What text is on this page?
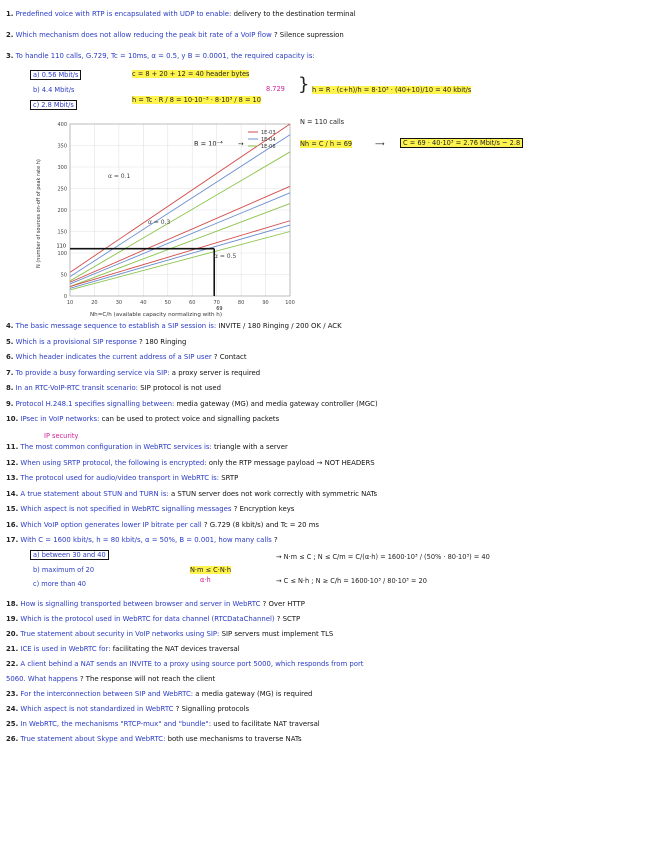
1. Predefined voice with RTP is encapsulated with UDP to enable: delivery to the destination terminal
2. Which mechanism does not allow reducing the peak bit rate of a VoIP flow ? Silence supression
3. To handle 110 calls, G.729, Tc = 10ms, α = 0.5, y B = 0.0001, the required capacity is:
a) 0.56 Mbit/s
b) 4.4 Mbit/s
c) 2.8 Mbit/s
c = 8 + 20 + 12 = 40 header bytes
h = Tc · R / 8 = 10·10⁻³ · 8·10³ / 8 = 10
8.729 } h = R · (c+h)/h = 8·10³ · (40+10)/10 = 40 kbit/s
N = 110 calls
B = 10⁻⁴ →	Nh = C / h = 69	⟶	C = 69 · 40·10³ = 2.76 Mbit/s ~ 2.8
10	20	30	40	50	60	70	80	90	100
0
50
100
150
200
250
300
350
400
110
69
1E-03
1E-04
1E-06
α = 0.1
α = 0.3
α = 0.5
Nh=C/h (available capacity normalizing with h)
N (number of sources on-off of peak rate h)
4. The basic message sequence to establish a SIP session is: INVITE / 180 Ringing / 200 OK / ACK
5. Which is a provisional SIP response ? 180 Ringing
6. Which header indicates the current address of a SIP user ? Contact
7. To provide a busy forwarding service via SIP: a proxy server is required
8. In an RTC-VoIP-RTC transit scenario: SIP protocol is not used
9. Protocol H.248.1 specifies signalling between: media gateway (MG) and media gateway controller (MGC)
10. IPsec in VoIP networks: can be used to protect voice and signalling packets
IP security
11. The most common configuration in WebRTC services is: triangle with a server
12. When using SRTP protocol, the following is encrypted: only the RTP message payload → NOT HEADERS
13. The protocol used for audio/video transport in WebRTC is: SRTP
14. A true statement about STUN and TURN is: a STUN server does not work correctly with symmetric NATs
15. Which aspect is not specified in WebRTC signalling messages ? Encryption keys
16. Which VoIP option generates lower IP bitrate per call ? G.729 (8 kbit/s) and Tc = 20 ms
17. With C = 1600 kbit/s, h = 80 kbit/s, α = 50%, B = 0.001, how many calls ?
a) between 30 and 40
b) maximum of 20
c) more than 40
N·m ≤ C·N·h
α·h
→ N·m ≤ C ; N ≤ C/m = C/(α·h) = 1600·10³ / (50% · 80·10³) = 40
→ C ≤ N·h ; N ≥ C/h = 1600·10³ / 80·10³ = 20
18. How is signalling transported between browser and server in WebRTC ? Over HTTP
19. Which is the protocol used in WebRTC for data channel (RTCDataChannel) ? SCTP
20. True statement about security in VoIP networks using SIP: SIP servers must implement TLS
21. ICE is used in WebRTC for: facilitating the NAT devices traversal
22. A client behind a NAT sends an INVITE to a proxy using source port 5000, which responds from port
5060. What happens ? The response will not reach the client
23. For the interconnection between SIP and WebRTC: a media gateway (MG) is required
24. Which aspect is not standardized in WebRTC ? Signalling protocols
25. In WebRTC, the mechanisms "RTCP-mux" and "bundle": used to facilitate NAT traversal
26. True statement about Skype and WebRTC: both use mechanisms to traverse NATs
